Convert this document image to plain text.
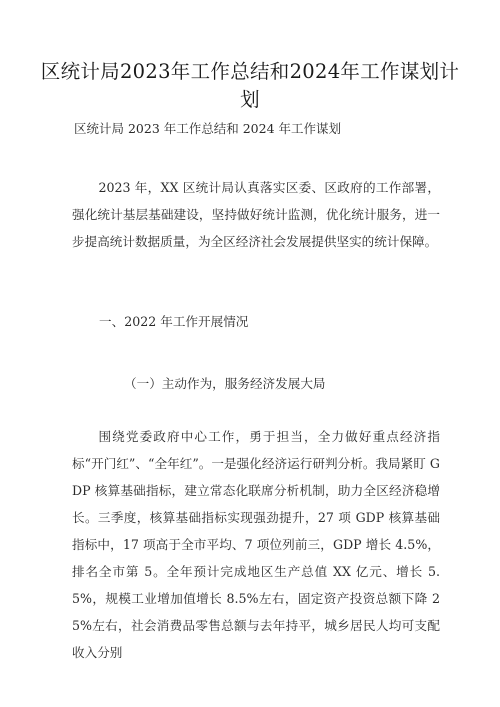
区统计局2023年工作总结和2024年工作谋划计划

区统计局 2023 年工作总结和 2024 年工作谋划

2023 年，XX 区统计局认真落实区委、区政府的工作部署，强化统计基层基础建设，坚持做好统计监测，优化统计服务，进一步提高统计数据质量，为全区经济社会发展提供坚实的统计保障。

一、2022 年工作开展情况
（一）主动作为，服务经济发展大局

围绕党委政府中心工作，勇于担当，全力做好重点经济指标“开门红”、“全年红”。一是强化经济运行研判分析。我局紧盯 GDP 核算基础指标，建立常态化联席分析机制，助力全区经济稳增长。三季度，核算基础指标实现强劲提升，27 项 GDP 核算基础指标中，17 项高于全市平均、7 项位列前三，GDP 增长 4.5%，排名全市第 5。全年预计完成地区生产总值 XX 亿元、增长 5.5%，规模工业增加值增长 8.5%左右，固定资产投资总额下降 25%左右，社会消费品零售总额与去年持平，城乡居民人均可支配收入分别
